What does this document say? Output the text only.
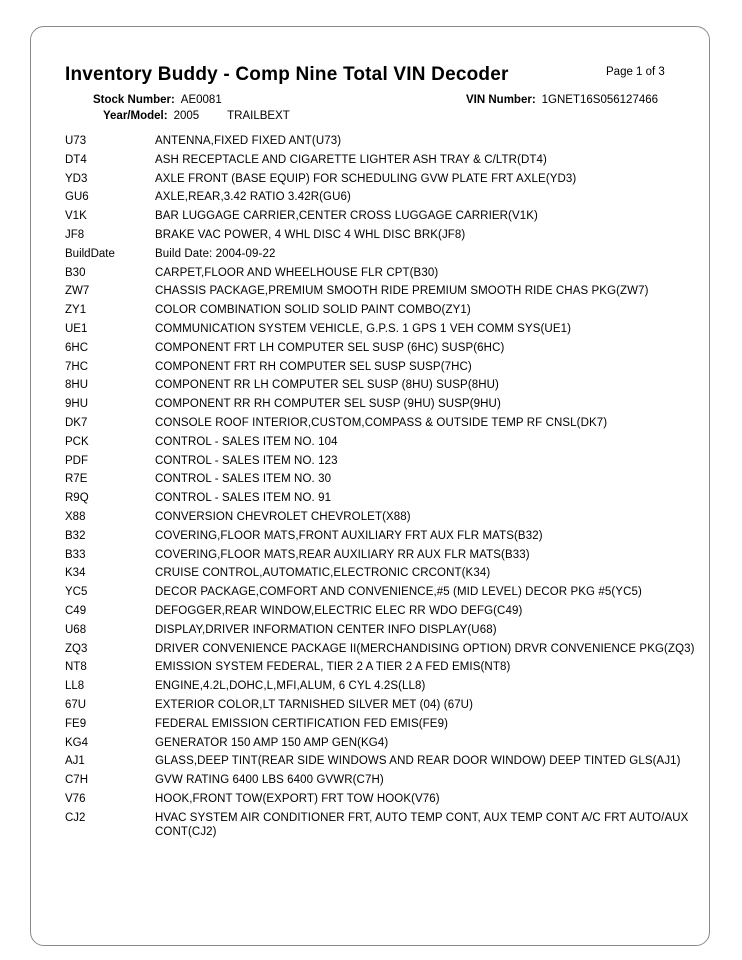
Inventory Buddy - Comp Nine Total VIN Decoder	Page 1 of 3
Stock Number: AE0081	VIN Number: 1GNET16S056127466
Year/Model: 2005 TRAILBEXT
U73	ANTENNA,FIXED FIXED ANT(U73)
DT4	ASH RECEPTACLE AND CIGARETTE LIGHTER ASH TRAY & C/LTR(DT4)
YD3	AXLE FRONT (BASE EQUIP) FOR SCHEDULING GVW PLATE FRT AXLE(YD3)
GU6	AXLE,REAR,3.42 RATIO 3.42R(GU6)
V1K	BAR LUGGAGE CARRIER,CENTER CROSS LUGGAGE CARRIER(V1K)
JF8	BRAKE VAC POWER, 4 WHL DISC 4 WHL DISC BRK(JF8)
BuildDate	Build Date: 2004-09-22
B30	CARPET,FLOOR AND WHEELHOUSE FLR CPT(B30)
ZW7	CHASSIS PACKAGE,PREMIUM SMOOTH RIDE PREMIUM SMOOTH RIDE CHAS PKG(ZW7)
ZY1	COLOR COMBINATION SOLID SOLID PAINT COMBO(ZY1)
UE1	COMMUNICATION SYSTEM VEHICLE, G.P.S. 1 GPS 1 VEH COMM SYS(UE1)
6HC	COMPONENT FRT LH COMPUTER SEL SUSP (6HC) SUSP(6HC)
7HC	COMPONENT FRT RH COMPUTER SEL SUSP SUSP(7HC)
8HU	COMPONENT RR LH COMPUTER SEL SUSP (8HU) SUSP(8HU)
9HU	COMPONENT RR RH COMPUTER SEL SUSP (9HU) SUSP(9HU)
DK7	CONSOLE ROOF INTERIOR,CUSTOM,COMPASS & OUTSIDE TEMP RF CNSL(DK7)
PCK	CONTROL - SALES ITEM NO. 104
PDF	CONTROL - SALES ITEM NO. 123
R7E	CONTROL - SALES ITEM NO. 30
R9Q	CONTROL - SALES ITEM NO. 91
X88	CONVERSION CHEVROLET CHEVROLET(X88)
B32	COVERING,FLOOR MATS,FRONT AUXILIARY FRT AUX FLR MATS(B32)
B33	COVERING,FLOOR MATS,REAR AUXILIARY RR AUX FLR MATS(B33)
K34	CRUISE CONTROL,AUTOMATIC,ELECTRONIC CRCONT(K34)
YC5	DECOR PACKAGE,COMFORT AND CONVENIENCE,#5 (MID LEVEL) DECOR PKG #5(YC5)
C49	DEFOGGER,REAR WINDOW,ELECTRIC ELEC RR WDO DEFG(C49)
U68	DISPLAY,DRIVER INFORMATION CENTER INFO DISPLAY(U68)
ZQ3	DRIVER CONVENIENCE PACKAGE II(MERCHANDISING OPTION) DRVR CONVENIENCE PKG(ZQ3)
NT8	EMISSION SYSTEM FEDERAL, TIER 2 A TIER 2 A FED EMIS(NT8)
LL8	ENGINE,4.2L,DOHC,L,MFI,ALUM, 6 CYL 4.2S(LL8)
67U	EXTERIOR COLOR,LT TARNISHED SILVER MET (04) (67U)
FE9	FEDERAL EMISSION CERTIFICATION FED EMIS(FE9)
KG4	GENERATOR 150 AMP 150 AMP GEN(KG4)
AJ1	GLASS,DEEP TINT(REAR SIDE WINDOWS AND REAR DOOR WINDOW) DEEP TINTED GLS(AJ1)
C7H	GVW RATING 6400 LBS 6400 GVWR(C7H)
V76	HOOK,FRONT TOW(EXPORT) FRT TOW HOOK(V76)
CJ2	HVAC SYSTEM AIR CONDITIONER FRT, AUTO TEMP CONT, AUX TEMP CONT A/C FRT AUTO/AUX CONT(CJ2)
